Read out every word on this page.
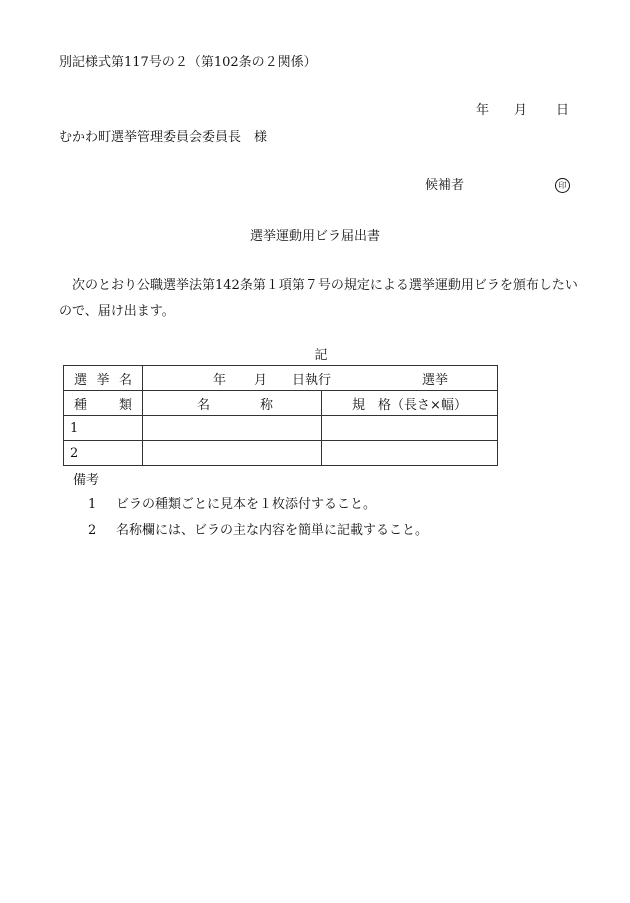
別記様式第117号の２（第102条の２関係）
年 月 日
むかわ町選挙管理委員会委員長　様
候補者	印
選挙運動用ビラ届出書
次のとおり公職選挙法第142条第１項第７号の規定による選挙運動用ビラを頒布したいので、届け出ます。
記
選 挙 名	年 月 日執行 選挙	

種 類	名 称	規　格（長さ×幅）
1		
2		
備考
1 ビラの種類ごとに見本を１枚添付すること。
2 名称欄には、ビラの主な内容を簡単に記載すること。
